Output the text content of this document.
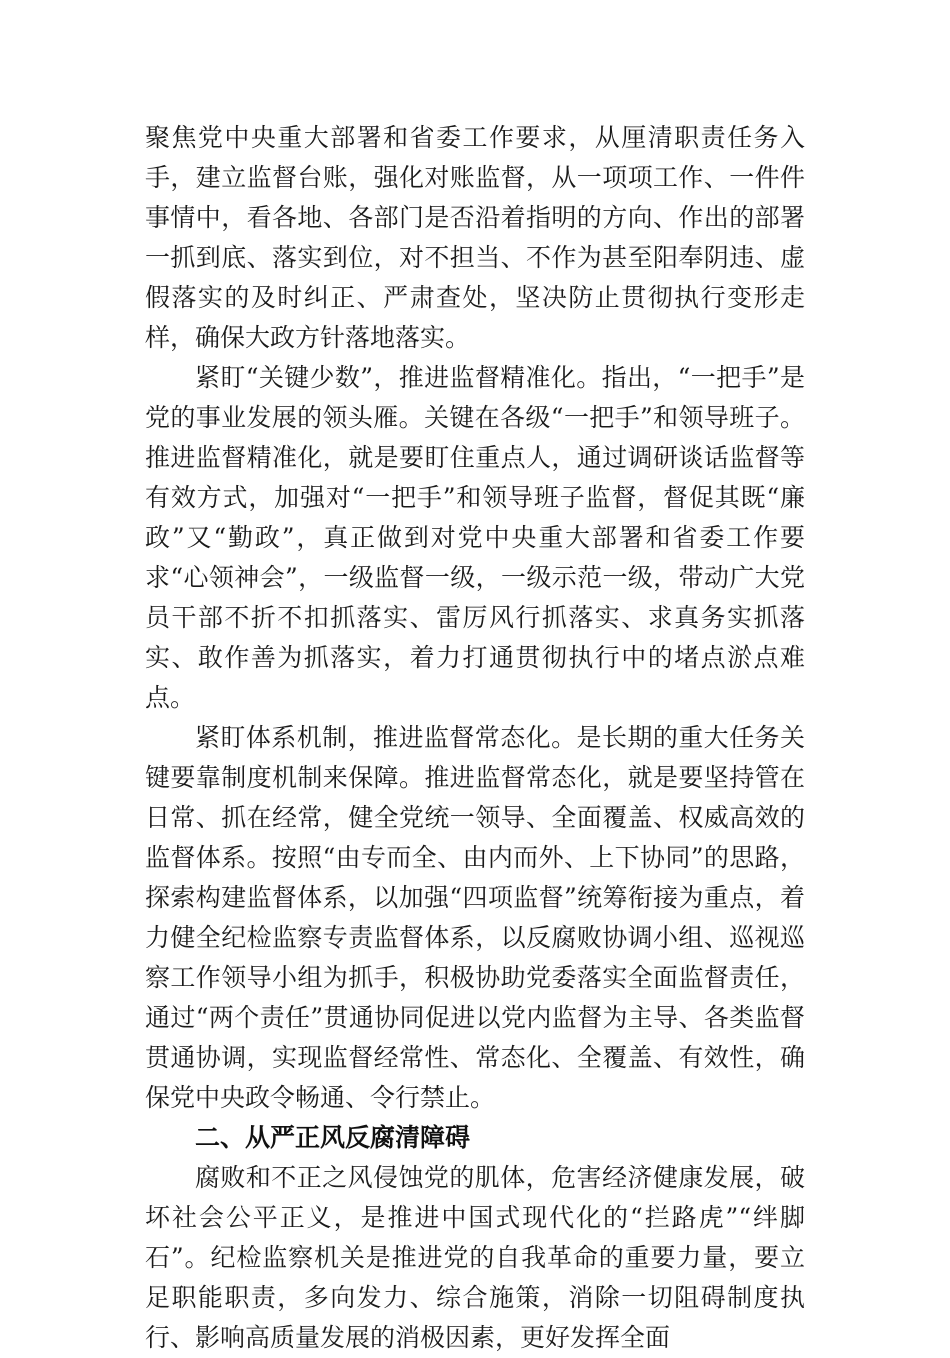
聚焦党中央重大部署和省委工作要求，从厘清职责任务入手，建立监督台账，强化对账监督，从一项项工作、一件件事情中，看各地、各部门是否沿着指明的方向、作出的部署一抓到底、落实到位，对不担当、不作为甚至阳奉阴违、虚假落实的及时纠正、严肃查处，坚决防止贯彻执行变形走样，确保大政方针落地落实。

紧盯“关键少数”，推进监督精准化。指出，“一把手”是党的事业发展的领头雁。关键在各级“一把手”和领导班子。推进监督精准化，就是要盯住重点人，通过调研谈话监督等有效方式，加强对“一把手”和领导班子监督，督促其既“廉政”又“勤政”，真正做到对党中央重大部署和省委工作要求“心领神会”，一级监督一级，一级示范一级，带动广大党员干部不折不扣抓落实、雷厉风行抓落实、求真务实抓落实、敢作善为抓落实，着力打通贯彻执行中的堵点淤点难点。

紧盯体系机制，推进监督常态化。是长期的重大任务关键要靠制度机制来保障。推进监督常态化，就是要坚持管在日常、抓在经常，健全党统一领导、全面覆盖、权威高效的监督体系。按照“由专而全、由内而外、上下协同”的思路，探索构建监督体系，以加强“四项监督”统筹衔接为重点，着力健全纪检监察专责监督体系，以反腐败协调小组、巡视巡察工作领导小组为抓手，积极协助党委落实全面监督责任，通过“两个责任”贯通协同促进以党内监督为主导、各类监督贯通协调，实现监督经常性、常态化、全覆盖、有效性，确保党中央政令畅通、令行禁止。

二、从严正风反腐清障碍

腐败和不正之风侵蚀党的肌体，危害经济健康发展，破坏社会公平正义，是推进中国式现代化的“拦路虎”“绊脚石”。纪检监察机关是推进党的自我革命的重要力量，要立足职能职责，多向发力、综合施策，消除一切阻碍制度执行、影响高质量发展的消极因素，更好发挥全面
